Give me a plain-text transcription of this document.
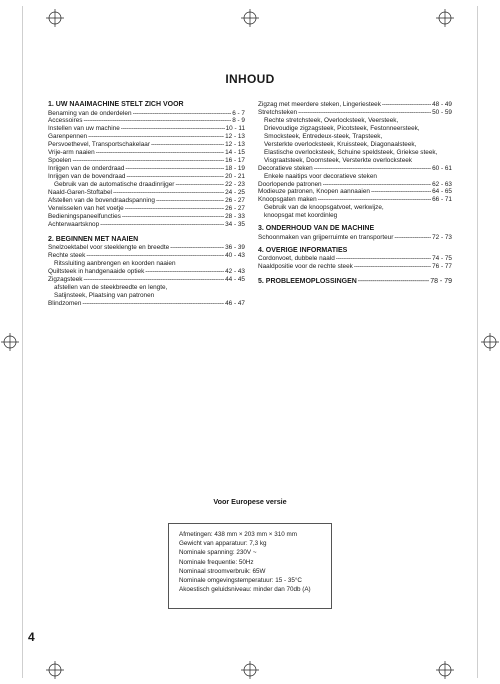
INHOUD
1. UW NAAIMACHINE STELT ZICH VOOR
Benaming van de onderdelen -----	6 - 7
Accessoires -----	8 - 9
Instellen van uw machine -----	10 - 11
Garenpennen -----	12 - 13
Persvoethevel, Transportschakelaar -----	12 - 13
Vrije-arm naaien -----	14 - 15
Spoelen -----	16 - 17
Inrijgen van de onderdraad -----	18 - 19
Inrijgen van de bovendraad -----	20 - 21
Gebruik van de automatische draadinrijger -----	22 - 23
Naald-Garen-Stoftabel -----	24 - 25
Afstellen van de bovendraadspanning -----	26 - 27
Verwisselen van het voetje -----	26 - 27
Bedieningspaneelfuncties -----	28 - 33
Achterwaartsknop -----	34 - 35
2. BEGINNEN MET NAAIEN
Snelzoektabel voor steeklengte en breedte -----	36 - 39
Rechte steek -----	40 - 43
Ritssluiting aanbrengen en koorden naaien
Quiltsteek in handgenaaide optiek -----	42 - 43
Zigzagsteek -----	44 - 45
afstellen van de steekbreedte en lengte,
Satijnsteek, Plaatsing van patronen
Blindzomen -----	46 - 47
Zigzag met meerdere steken, Lingeriesteek -----	48 - 49
Stretchsteken -----	50 - 59
Rechte stretchsteek, Overlocksteek, Veersteek,
Drievoudige zigzagsteek, Picotsteek, Festonneersteek,
Smocksteek, Entredeux-steek, Trapsteek,
Versterkte overlocksteek, Kruissteek, Diagonaalsteek,
Elastische overlocksteek, Schuine speldsteek, Griekse steek,
Visgraatsteek, Doornsteek, Versterkte overlocksteek
Decoratieve steken -----	60 - 61
Enkele naaitips voor decoratieve steken
Doorlopende patronen -----	62 - 63
Modieuze patronen, Knopen aannaaien -----	64 - 65
Knoopsgaten maken -----	66 - 71
Gebruik van de knoopsgatvoet, werkwijze,
knoopsgat met koordinleg
3. ONDERHOUD VAN DE MACHINE
Schoonmaken van grijperruimte en transporteur -----	72 - 73
4. OVERIGE INFORMATIES
Cordonvoet, dubbele naald -----	74 - 75
Naaldpositie voor de rechte steek -----	76 - 77
5. PROBLEEMOPLOSSINGEN -----	78 - 79
Voor Europese versie
Afmetingen: 438 mm × 203 mm × 310 mm
Gewicht van apparatuur: 7,3 kg
Nominale spanning: 230V ~
Nominale frequentie: 50Hz
Nominaal stroomverbruik: 65W
Nominale omgevingstemperatuur: 15 - 35°C
Akoestisch geluidsniveau: minder dan 70db (A)
4
